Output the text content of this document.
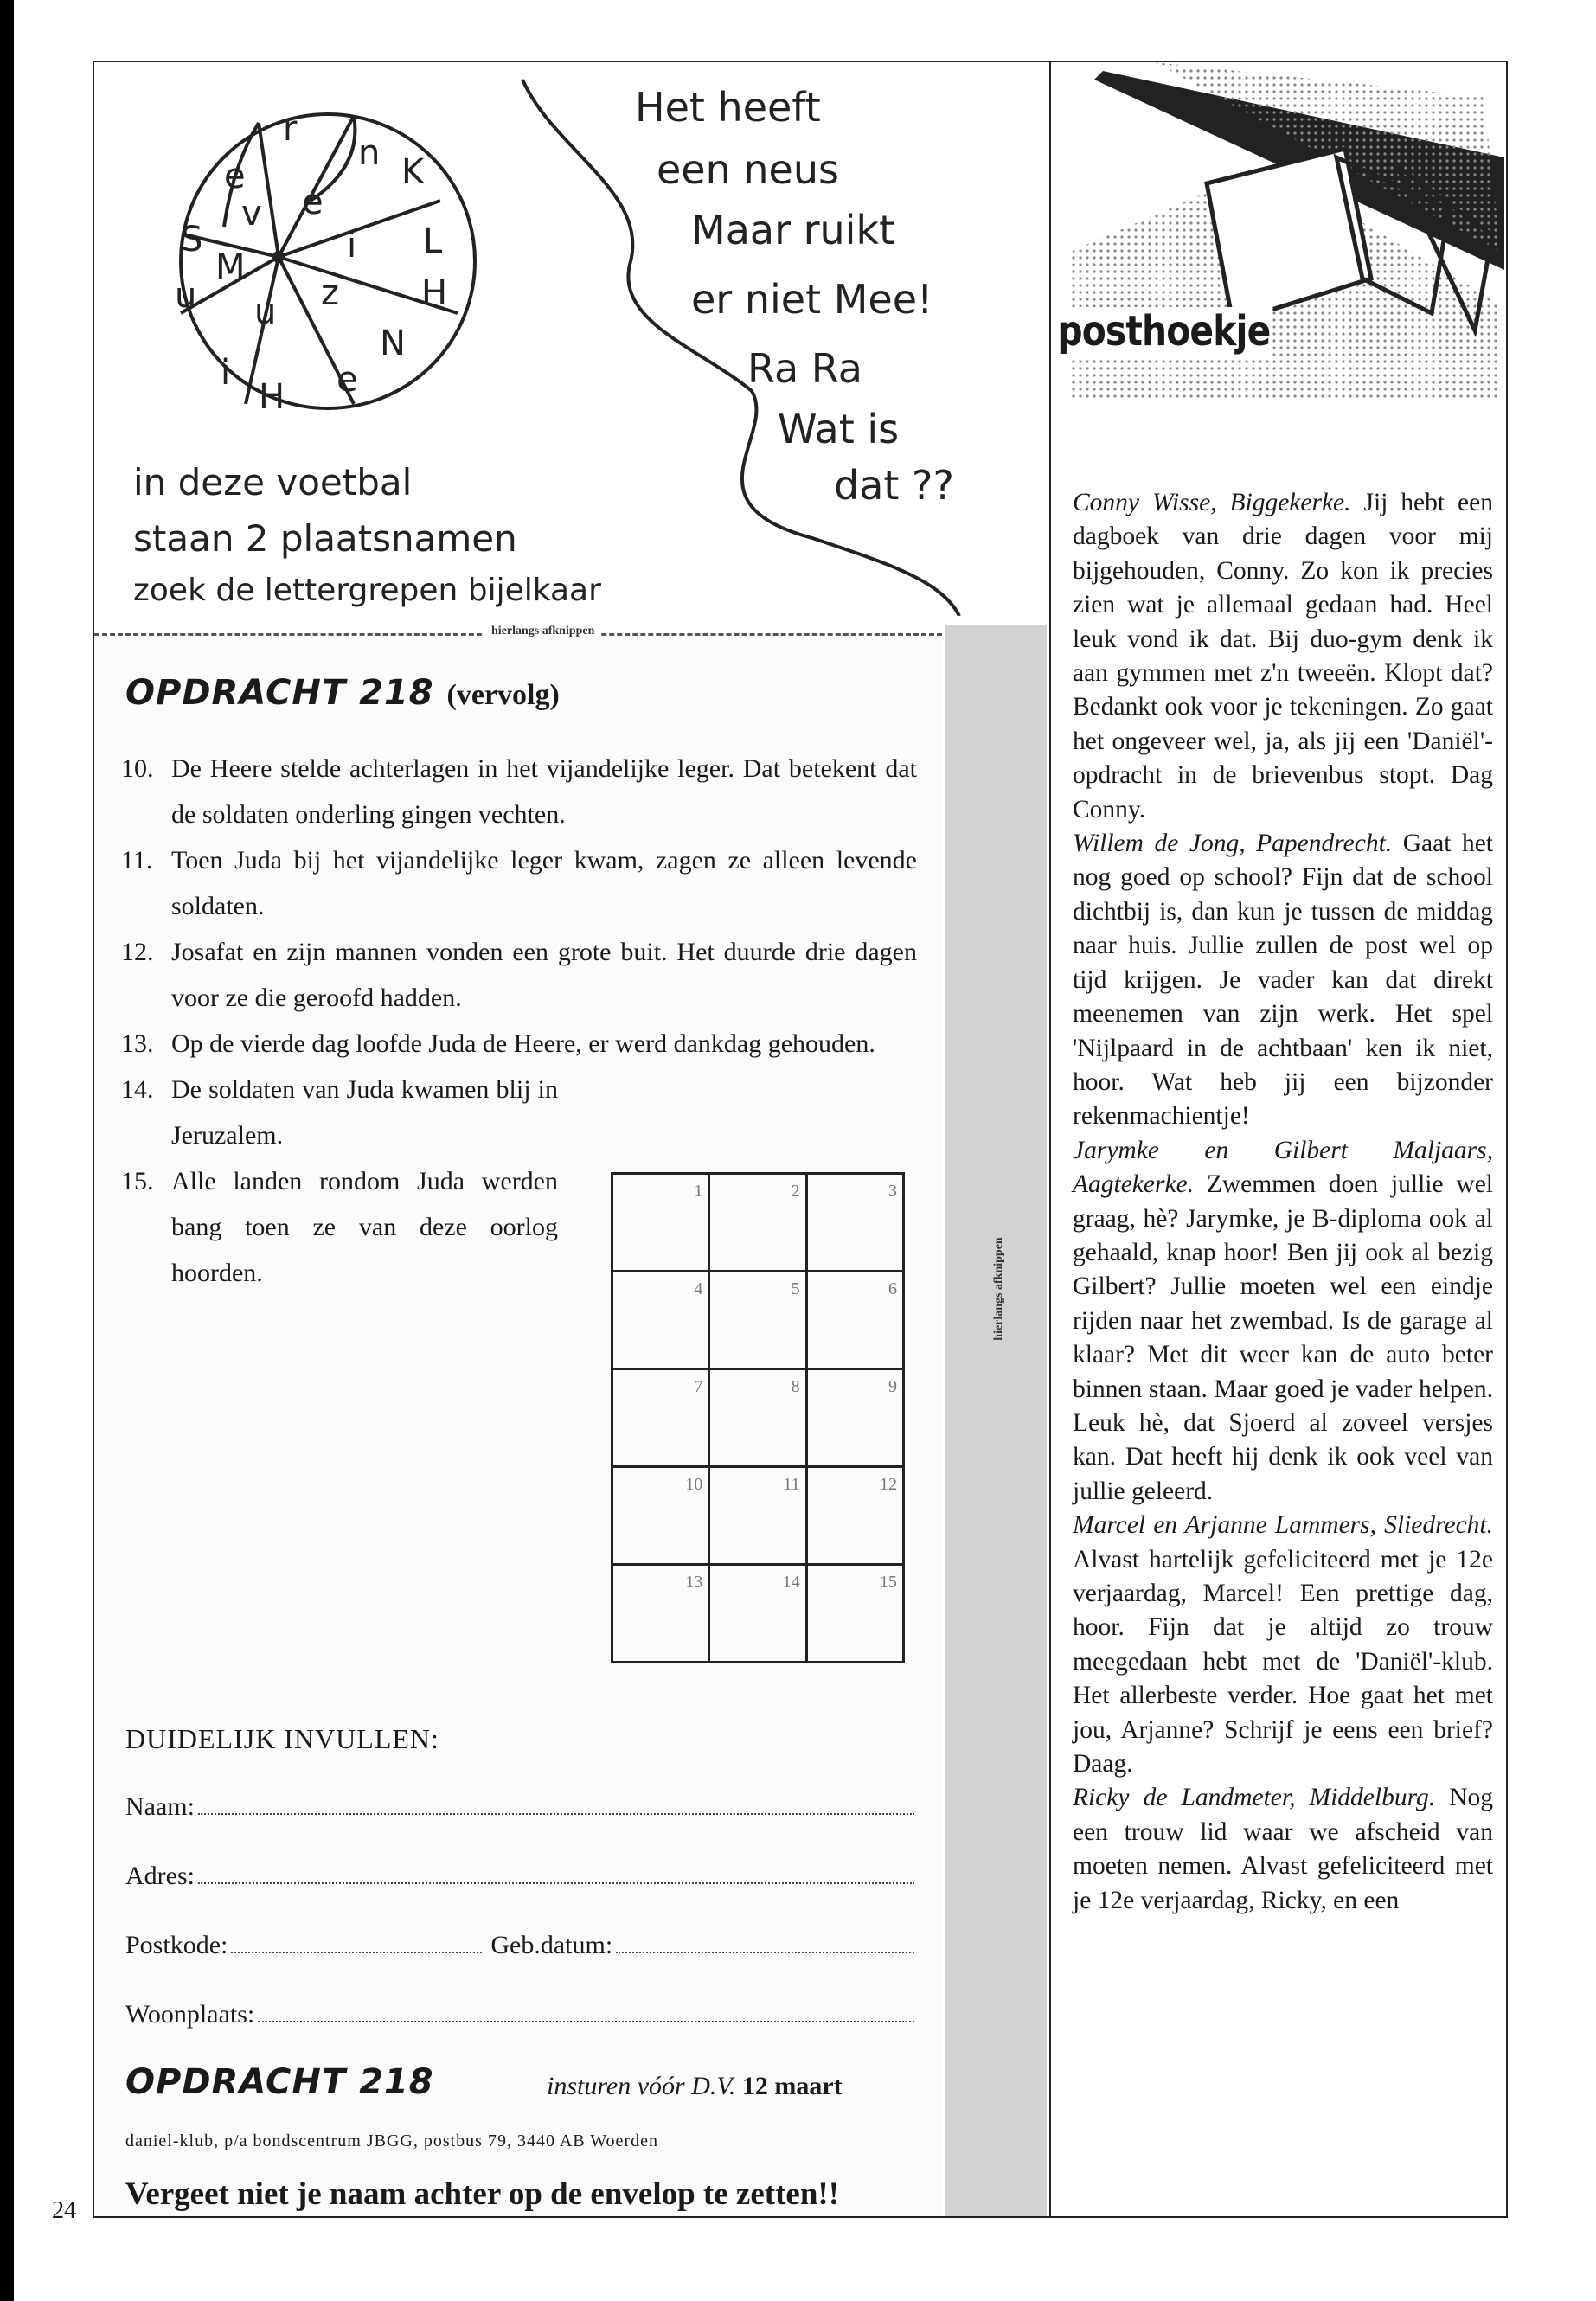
r
n K
e
e
v
S
M
i L
u u z H
N
i	e
H
Het heeft
een neus
Maar ruikt
er niet Mee!
Ra Ra
Wat is
dat ??
in deze voetbal
staan 2 plaatsnamen
zoek de lettergrepen bijelkaar
hierlangs afknippen
hierlangs afknippen
OPDRACHT 218 (vervolg)
10. De Heere stelde achterlagen in het vijandelijke leger. Dat betekent dat de soldaten onderling gingen vechten.
11. Toen Juda bij het vijandelijke leger kwam, zagen ze alleen levende soldaten.
12. Josafat en zijn mannen vonden een grote buit. Het duurde drie dagen voor ze die geroofd hadden.
13. Op de vierde dag loofde Juda de Heere, er werd dankdag gehouden.
14. De soldaten van Juda kwamen blij in Jeruzalem.
15. Alle landen rondom Juda werden bang toen ze van deze oorlog hoorden.
1	2	3
4	5	6
7	8	9
10	11	12
13	14	15
DUIDELIJK INVULLEN:
Naam:
Adres:
Postkode:	Geb.datum:
Woonplaats:
OPDRACHT 218	insturen vóór D.V. 12 maart
daniel-klub, p/a bondscentrum JBGG, postbus 79, 3440 AB Woerden
Vergeet niet je naam achter op de envelop te zetten!!
24
posthoekje

Conny Wisse, Biggekerke. Jij hebt een dagboek van drie dagen voor mij bijgehouden, Conny. Zo kon ik precies zien wat je allemaal gedaan had. Heel leuk vond ik dat. Bij duo-gym denk ik aan gymmen met z'n tweeën. Klopt dat? Bedankt ook voor je tekeningen. Zo gaat het ongeveer wel, ja, als jij een 'Daniël'-opdracht in de brievenbus stopt. Dag Conny.

Willem de Jong, Papendrecht. Gaat het nog goed op school? Fijn dat de school dichtbij is, dan kun je tussen de middag naar huis. Jullie zullen de post wel op tijd krijgen. Je vader kan dat direkt meenemen van zijn werk. Het spel 'Nijlpaard in de achtbaan' ken ik niet, hoor. Wat heb jij een bijzonder rekenmachientje!

Jarymke en Gilbert Maljaars, Aagtekerke. Zwemmen doen jullie wel graag, hè? Jarymke, je B-diploma ook al gehaald, knap hoor! Ben jij ook al bezig Gilbert? Jullie moeten wel een eindje rijden naar het zwembad. Is de garage al klaar? Met dit weer kan de auto beter binnen staan. Maar goed je vader helpen. Leuk hè, dat Sjoerd al zoveel versjes kan. Dat heeft hij denk ik ook veel van jullie geleerd.

Marcel en Arjanne Lammers, Sliedrecht. Alvast hartelijk gefeliciteerd met je 12e verjaardag, Marcel! Een prettige dag, hoor. Fijn dat je altijd zo trouw meegedaan hebt met de 'Daniël'-klub. Het allerbeste verder. Hoe gaat het met jou, Arjanne? Schrijf je eens een brief? Daag.

Ricky de Landmeter, Middelburg. Nog een trouw lid waar we afscheid van moeten nemen. Alvast gefeliciteerd met je 12e verjaardag, Ricky, en een
